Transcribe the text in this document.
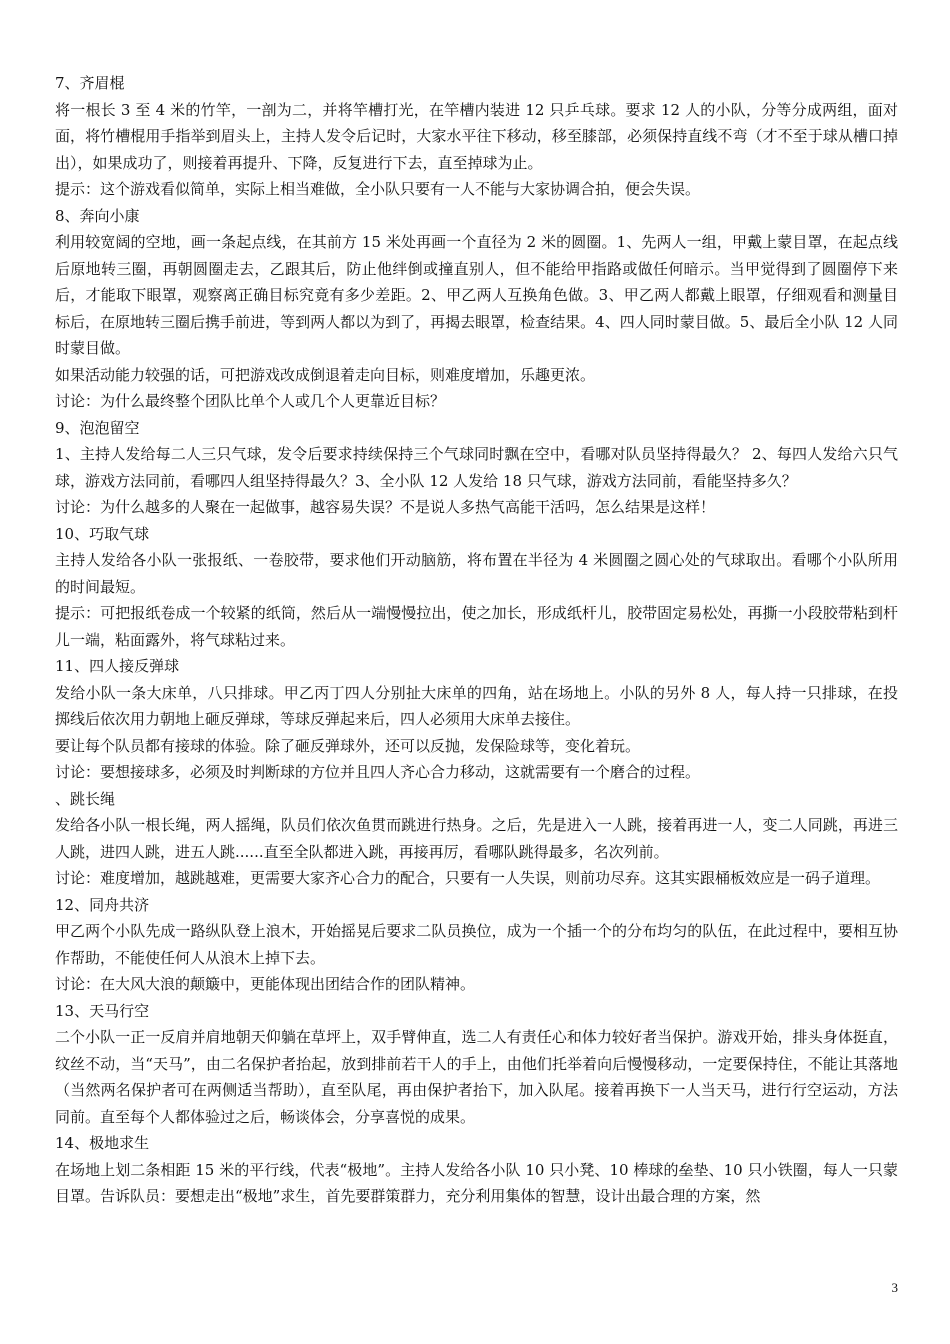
7、齐眉棍

将一根长 3 至 4 米的竹竿，一剖为二，并将竿槽打光，在竿槽内装进 12 只乒乓球。要求 12 人的小队，分等分成两组，面对面，将竹槽棍用手指举到眉头上，主持人发令后记时，大家水平往下移动，移至膝部，必须保持直线不弯（才不至于球从槽口掉出），如果成功了，则接着再提升、下降，反复进行下去，直至掉球为止。

提示：这个游戏看似简单，实际上相当难做，全小队只要有一人不能与大家协调合拍，便会失误。

8、奔向小康

利用较宽阔的空地，画一条起点线，在其前方 15 米处再画一个直径为 2 米的圆圈。1、先两人一组，甲戴上蒙目罩，在起点线后原地转三圈，再朝圆圈走去，乙跟其后，防止他绊倒或撞直别人，但不能给甲指路或做任何暗示。当甲觉得到了圆圈停下来后，才能取下眼罩，观察离正确目标究竟有多少差距。2、甲乙两人互换角色做。3、甲乙两人都戴上眼罩，仔细观看和测量目标后，在原地转三圈后携手前进，等到两人都以为到了，再揭去眼罩，检查结果。4、四人同时蒙目做。5、最后全小队 12 人同时蒙目做。

如果活动能力较强的话，可把游戏改成倒退着走向目标，则难度增加，乐趣更浓。

讨论：为什么最终整个团队比单个人或几个人更靠近目标？

9、泡泡留空

1、主持人发给每二人三只气球，发令后要求持续保持三个气球同时飘在空中，看哪对队员坚持得最久？ 2、每四人发给六只气球，游戏方法同前，看哪四人组坚持得最久？3、全小队 12 人发给 18 只气球，游戏方法同前，看能坚持多久？

讨论：为什么越多的人聚在一起做事，越容易失误？不是说人多热气高能干活吗，怎么结果是这样！

10、巧取气球

主持人发给各小队一张报纸、一卷胶带，要求他们开动脑筋，将布置在半径为 4 米圆圈之圆心处的气球取出。看哪个小队所用的时间最短。

提示：可把报纸卷成一个较紧的纸筒，然后从一端慢慢拉出，使之加长，形成纸杆儿，胶带固定易松处，再撕一小段胶带粘到杆儿一端，粘面露外，将气球粘过来。

11、四人接反弹球

发给小队一条大床单，八只排球。甲乙丙丁四人分别扯大床单的四角，站在场地上。小队的另外 8 人，每人持一只排球，在投掷线后依次用力朝地上砸反弹球，等球反弹起来后，四人必须用大床单去接住。

要让每个队员都有接球的体验。除了砸反弹球外，还可以反抛，发保险球等，变化着玩。

讨论：要想接球多，必须及时判断球的方位并且四人齐心合力移动，这就需要有一个磨合的过程。

、跳长绳

发给各小队一根长绳，两人摇绳，队员们依次鱼贯而跳进行热身。之后，先是进入一人跳，接着再进一人，变二人同跳，再进三人跳，进四人跳，进五人跳......直至全队都进入跳，再接再厉，看哪队跳得最多，名次列前。

讨论：难度增加，越跳越难，更需要大家齐心合力的配合，只要有一人失误，则前功尽弃。这其实跟桶板效应是一码子道理。

12、同舟共济

甲乙两个小队先成一路纵队登上浪木，开始摇晃后要求二队员换位，成为一个插一个的分布均匀的队伍，在此过程中，要相互协作帮助，不能使任何人从浪木上掉下去。

讨论：在大风大浪的颠簸中，更能体现出团结合作的团队精神。

13、天马行空

二个小队一正一反肩并肩地朝天仰躺在草坪上，双手臂伸直，选二人有责任心和体力较好者当保护。游戏开始，排头身体挺直，纹丝不动，当“天马”，由二名保护者抬起，放到排前若干人的手上，由他们托举着向后慢慢移动，一定要保持住，不能让其落地（当然两名保护者可在两侧适当帮助），直至队尾，再由保护者抬下，加入队尾。接着再换下一人当天马，进行行空运动，方法同前。直至每个人都体验过之后，畅谈体会，分享喜悦的成果。

14、极地求生

在场地上划二条相距 15 米的平行线，代表“极地”。主持人发给各小队 10 只小凳、10 棒球的垒垫、10 只小铁圈，每人一只蒙目罩。告诉队员：要想走出“极地”求生，首先要群策群力，充分利用集体的智慧，设计出最合理的方案，然

3
